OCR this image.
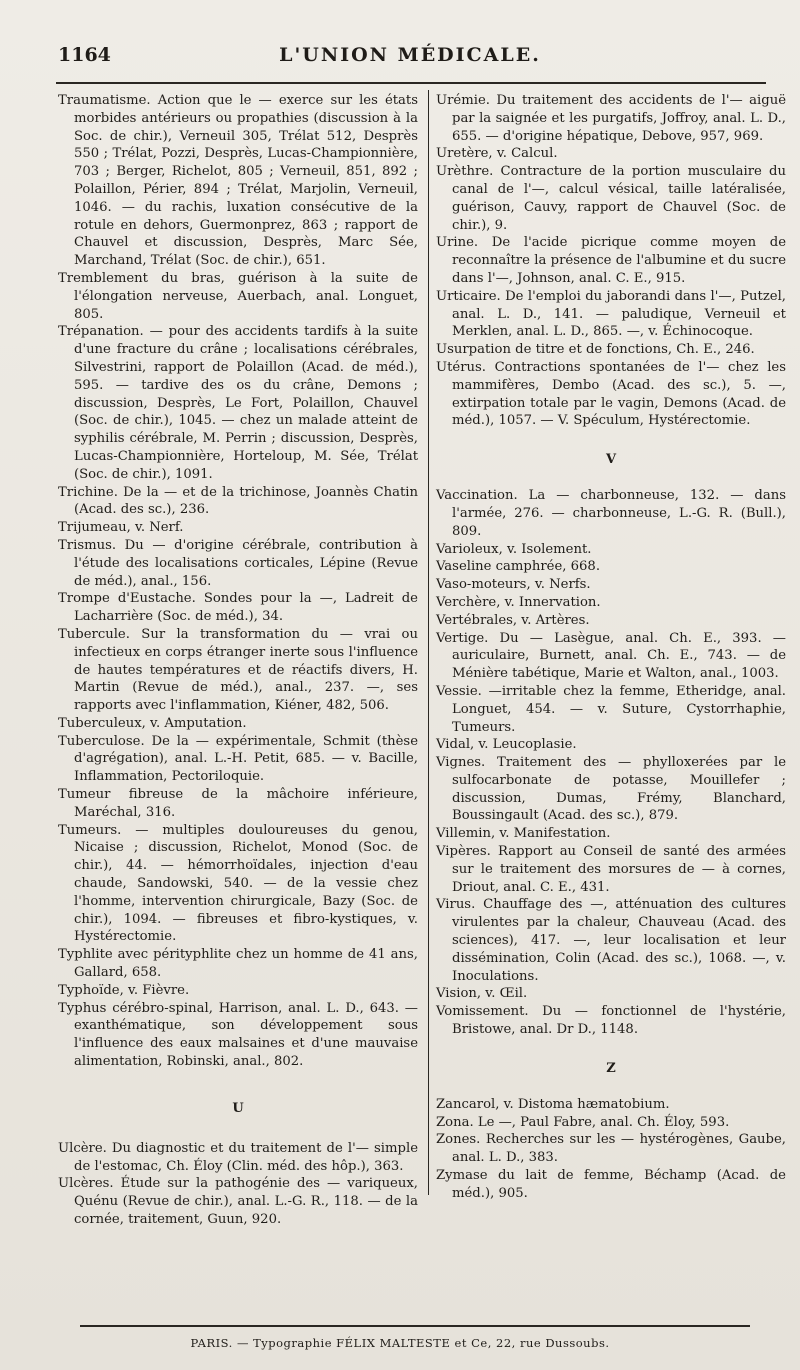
1164	L'UNION MÉDICALE.

Traumatisme. Action que le — exerce sur les états morbides antérieurs ou propathies (discussion à la Soc. de chir.), Verneuil 305, Trélat 512, Desprès 550 ; Trélat, Pozzi, Desprès, Lucas-Championnière, 703 ; Berger, Richelot, 805 ; Verneuil, 851, 892 ; Polaillon, Périer, 894 ; Trélat, Marjolin, Verneuil, 1046. — du rachis, luxation consécutive de la rotule en dehors, Guermonprez, 863 ; rapport de Chauvel et discussion, Desprès, Marc Sée, Marchand, Trélat (Soc. de chir.), 651.

Tremblement du bras, guérison à la suite de l'élongation nerveuse, Auerbach, anal. Longuet, 805.

Trépanation. — pour des accidents tardifs à la suite d'une fracture du crâne ; localisations cérébrales, Silvestrini, rapport de Polaillon (Acad. de méd.), 595. — tardive des os du crâne, Demons ; discussion, Desprès, Le Fort, Polaillon, Chauvel (Soc. de chir.), 1045. — chez un malade atteint de syphilis cérébrale, M. Perrin ; discussion, Desprès, Lucas-Championnière, Horteloup, M. Sée, Trélat (Soc. de chir.), 1091.

Trichine. De la — et de la trichinose, Joannès Chatin (Acad. des sc.), 236.

Trijumeau, v. Nerf.

Trismus. Du — d'origine cérébrale, contribution à l'étude des localisations corticales, Lépine (Revue de méd.), anal., 156.

Trompe d'Eustache. Sondes pour la —, Ladreit de Lacharrière (Soc. de méd.), 34.

Tubercule. Sur la transformation du — vrai ou infectieux en corps étranger inerte sous l'influence de hautes températures et de réactifs divers, H. Martin (Revue de méd.), anal., 237. —, ses rapports avec l'inflammation, Kiéner, 482, 506.

Tuberculeux, v. Amputation.

Tuberculose. De la — expérimentale, Schmit (thèse d'agrégation), anal. L.-H. Petit, 685. — v. Bacille, Inflammation, Pectoriloquie.

Tumeur fibreuse de la mâchoire inférieure, Maréchal, 316.

Tumeurs. — multiples douloureuses du genou, Nicaise ; discussion, Richelot, Monod (Soc. de chir.), 44. — hémorrhoïdales, injection d'eau chaude, Sandowski, 540. — de la vessie chez l'homme, intervention chirurgicale, Bazy (Soc. de chir.), 1094. — fibreuses et fibro-kystiques, v. Hystérectomie.

Typhlite avec pérityphlite chez un homme de 41 ans, Gallard, 658.

Typhoïde, v. Fièvre.

Typhus cérébro-spinal, Harrison, anal. L. D., 643. — exanthématique, son développement sous l'influence des eaux malsaines et d'une mauvaise alimentation, Robinski, anal., 802.

U

Ulcère. Du diagnostic et du traitement de l'— simple de l'estomac, Ch. Éloy (Clin. méd. des hôp.), 363.

Ulcères. Étude sur la pathogénie des — variqueux, Quénu (Revue de chir.), anal. L.-G. R., 118. — de la cornée, traitement, Guun, 920.

Urémie. Du traitement des accidents de l'— aiguë par la saignée et les purgatifs, Joffroy, anal. L. D., 655. — d'origine hépatique, Debove, 957, 969.

Uretère, v. Calcul.

Urèthre. Contracture de la portion musculaire du canal de l'—, calcul vésical, taille latéralisée, guérison, Cauvy, rapport de Chauvel (Soc. de chir.), 9.

Urine. De l'acide picrique comme moyen de reconnaître la présence de l'albumine et du sucre dans l'—, Johnson, anal. C. E., 915.

Urticaire. De l'emploi du jaborandi dans l'—, Putzel, anal. L. D., 141. — paludique, Verneuil et Merklen, anal. L. D., 865. —, v. Échinocoque.

Usurpation de titre et de fonctions, Ch. E., 246.

Utérus. Contractions spontanées de l'— chez les mammifères, Dembo (Acad. des sc.), 5. —, extirpation totale par le vagin, Demons (Acad. de méd.), 1057. — V. Spéculum, Hystérectomie.

V

Vaccination. La — charbonneuse, 132. — dans l'armée, 276. — charbonneuse, L.-G. R. (Bull.), 809.

Varioleux, v. Isolement.

Vaseline camphrée, 668.

Vaso-moteurs, v. Nerfs.

Verchère, v. Innervation.

Vertébrales, v. Artères.

Vertige. Du — Lasègue, anal. Ch. E., 393. — auriculaire, Burnett, anal. Ch. E., 743. — de Ménière tabétique, Marie et Walton, anal., 1003.

Vessie. —irritable chez la femme, Etheridge, anal. Longuet, 454. — v. Suture, Cystorrhaphie, Tumeurs.

Vidal, v. Leucoplasie.

Vignes. Traitement des — phylloxerées par le sulfocarbonate de potasse, Mouillefer ; discussion, Dumas, Frémy, Blanchard, Boussingault (Acad. des sc.), 879.

Villemin, v. Manifestation.

Vipères. Rapport au Conseil de santé des armées sur le traitement des morsures de — à cornes, Driout, anal. C. E., 431.

Virus. Chauffage des —, atténuation des cultures virulentes par la chaleur, Chauveau (Acad. des sciences), 417. —, leur localisation et leur dissémination, Colin (Acad. des sc.), 1068. —, v. Inoculations.

Vision, v. Œil.

Vomissement. Du — fonctionnel de l'hystérie, Bristowe, anal. Dr D., 1148.

Z

Zancarol, v. Distoma hæmatobium.

Zona. Le —, Paul Fabre, anal. Ch. Éloy, 593.

Zones. Recherches sur les — hystérogènes, Gaube, anal. L. D., 383.

Zymase du lait de femme, Béchamp (Acad. de méd.), 905.

PARIS. — Typographie FÉLIX MALTESTE et Ce, 22, rue Dussoubs.
